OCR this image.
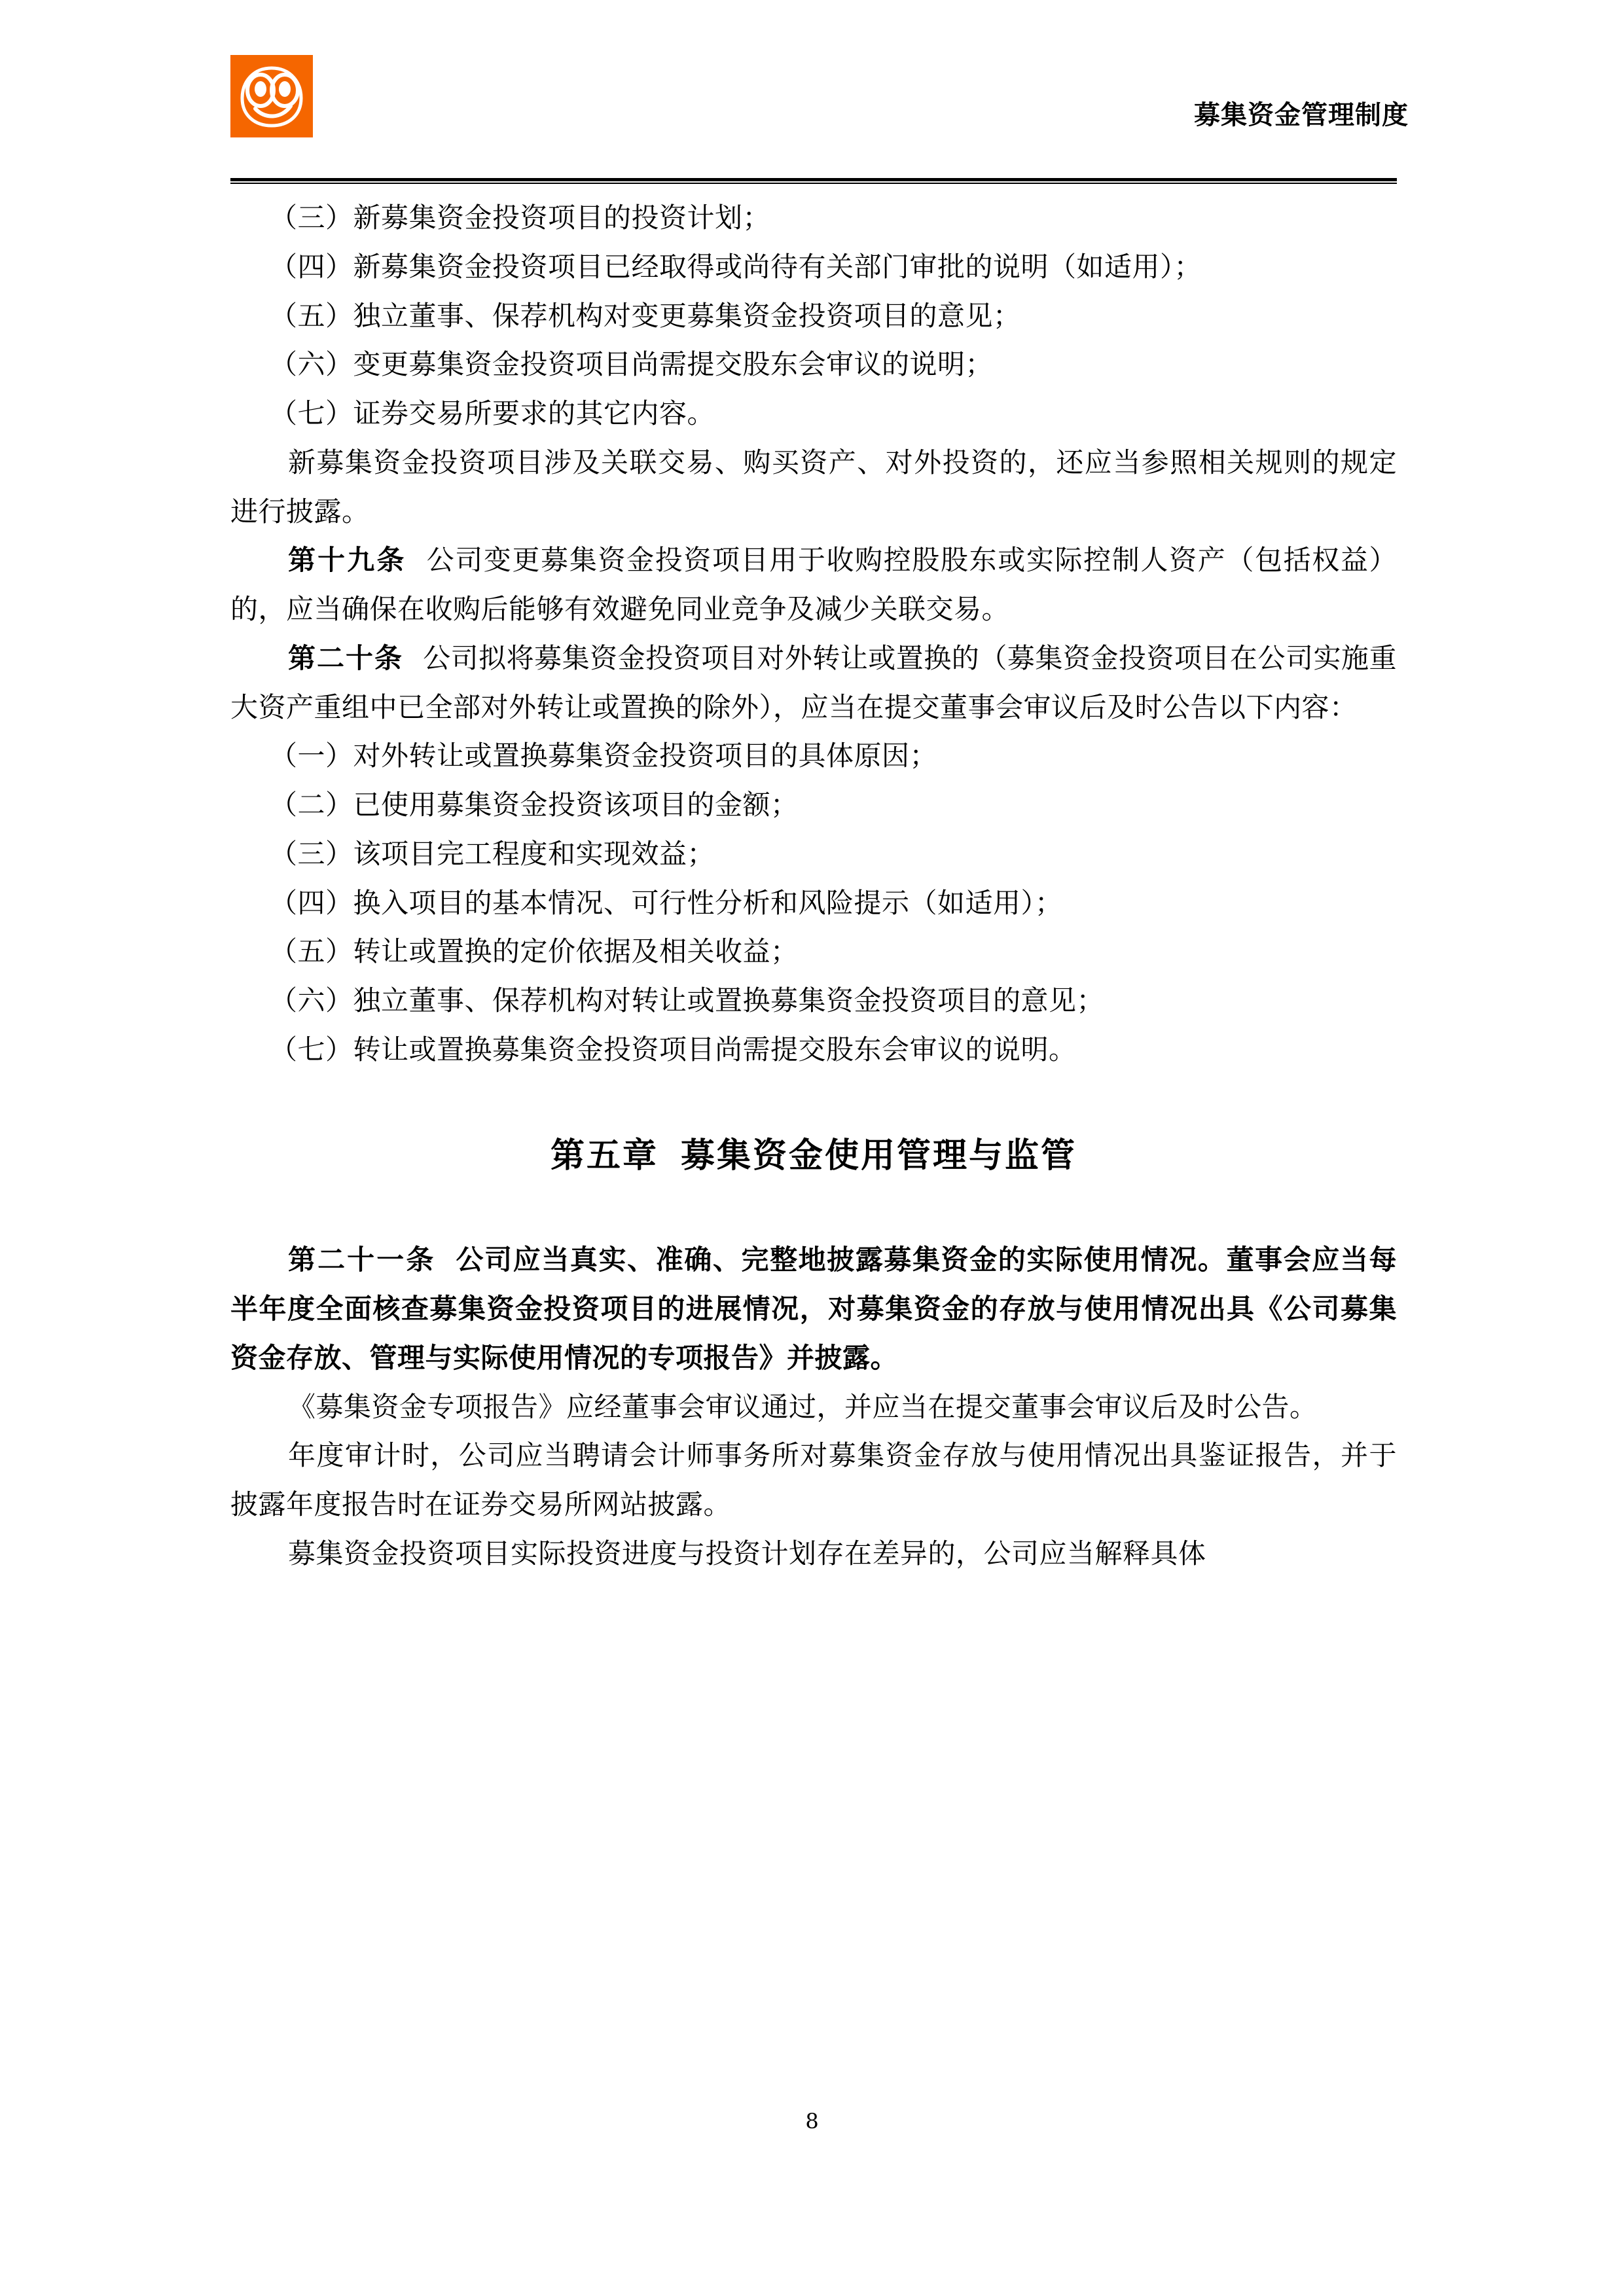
募集资金管理制度

（三）新募集资金投资项目的投资计划；

（四）新募集资金投资项目已经取得或尚待有关部门审批的说明（如适用）；

（五）独立董事、保荐机构对变更募集资金投资项目的意见；

（六）变更募集资金投资项目尚需提交股东会审议的说明；

（七）证券交易所要求的其它内容。

新募集资金投资项目涉及关联交易、购买资产、对外投资的，还应当参照相关规则的规定进行披露。

第十九条 公司变更募集资金投资项目用于收购控股股东或实际控制人资产（包括权益）的，应当确保在收购后能够有效避免同业竞争及减少关联交易。

第二十条 公司拟将募集资金投资项目对外转让或置换的（募集资金投资项目在公司实施重大资产重组中已全部对外转让或置换的除外），应当在提交董事会审议后及时公告以下内容：

（一）对外转让或置换募集资金投资项目的具体原因；

（二）已使用募集资金投资该项目的金额；

（三）该项目完工程度和实现效益；

（四）换入项目的基本情况、可行性分析和风险提示（如适用）；

（五）转让或置换的定价依据及相关收益；

（六）独立董事、保荐机构对转让或置换募集资金投资项目的意见；

（七）转让或置换募集资金投资项目尚需提交股东会审议的说明。

第五章 募集资金使用管理与监管

第二十一条 公司应当真实、准确、完整地披露募集资金的实际使用情况。董事会应当每半年度全面核查募集资金投资项目的进展情况，对募集资金的存放与使用情况出具《公司募集资金存放、管理与实际使用情况的专项报告》并披露。

《募集资金专项报告》应经董事会审议通过，并应当在提交董事会审议后及时公告。

年度审计时，公司应当聘请会计师事务所对募集资金存放与使用情况出具鉴证报告，并于披露年度报告时在证券交易所网站披露。

募集资金投资项目实际投资进度与投资计划存在差异的，公司应当解释具体

8
